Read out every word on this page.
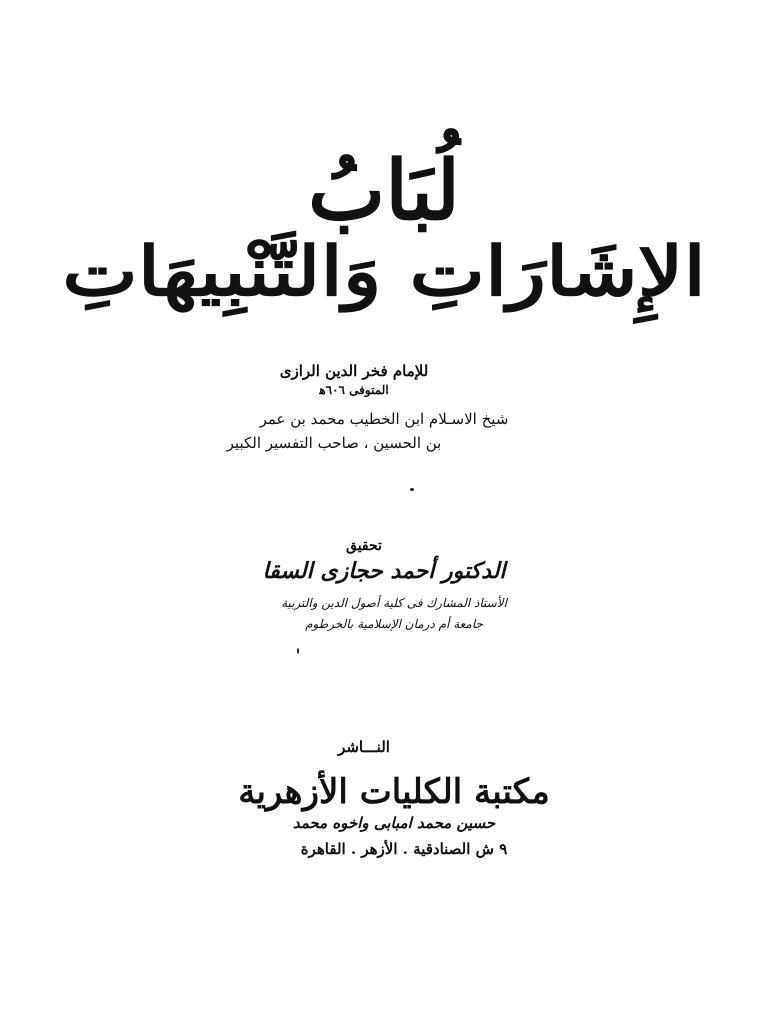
لُبَابُ
الإِشَارَاتِ وَالتَّنْبِيهَاتِ
للإمام فخر الدين الرازى
المتوفى ٦٠٦ﻫ
شيخ الاسـلام ابن الخطيب محمد بن عمر
بن الحسين ، صاحب التفسير الكبير
تحقيق
الدكتور أحمد حجازى السقا
الأستاذ المشارك فى كلية أصول الدين والتربية
جامعة أم درمان الإسلامية بالخرطوم
النـــاشر
مكتبة الكليات الأزهرية
حسين محمد امبابى واخوه محمد
٩ ش الصنادقية . الأزهر . القاهرة
